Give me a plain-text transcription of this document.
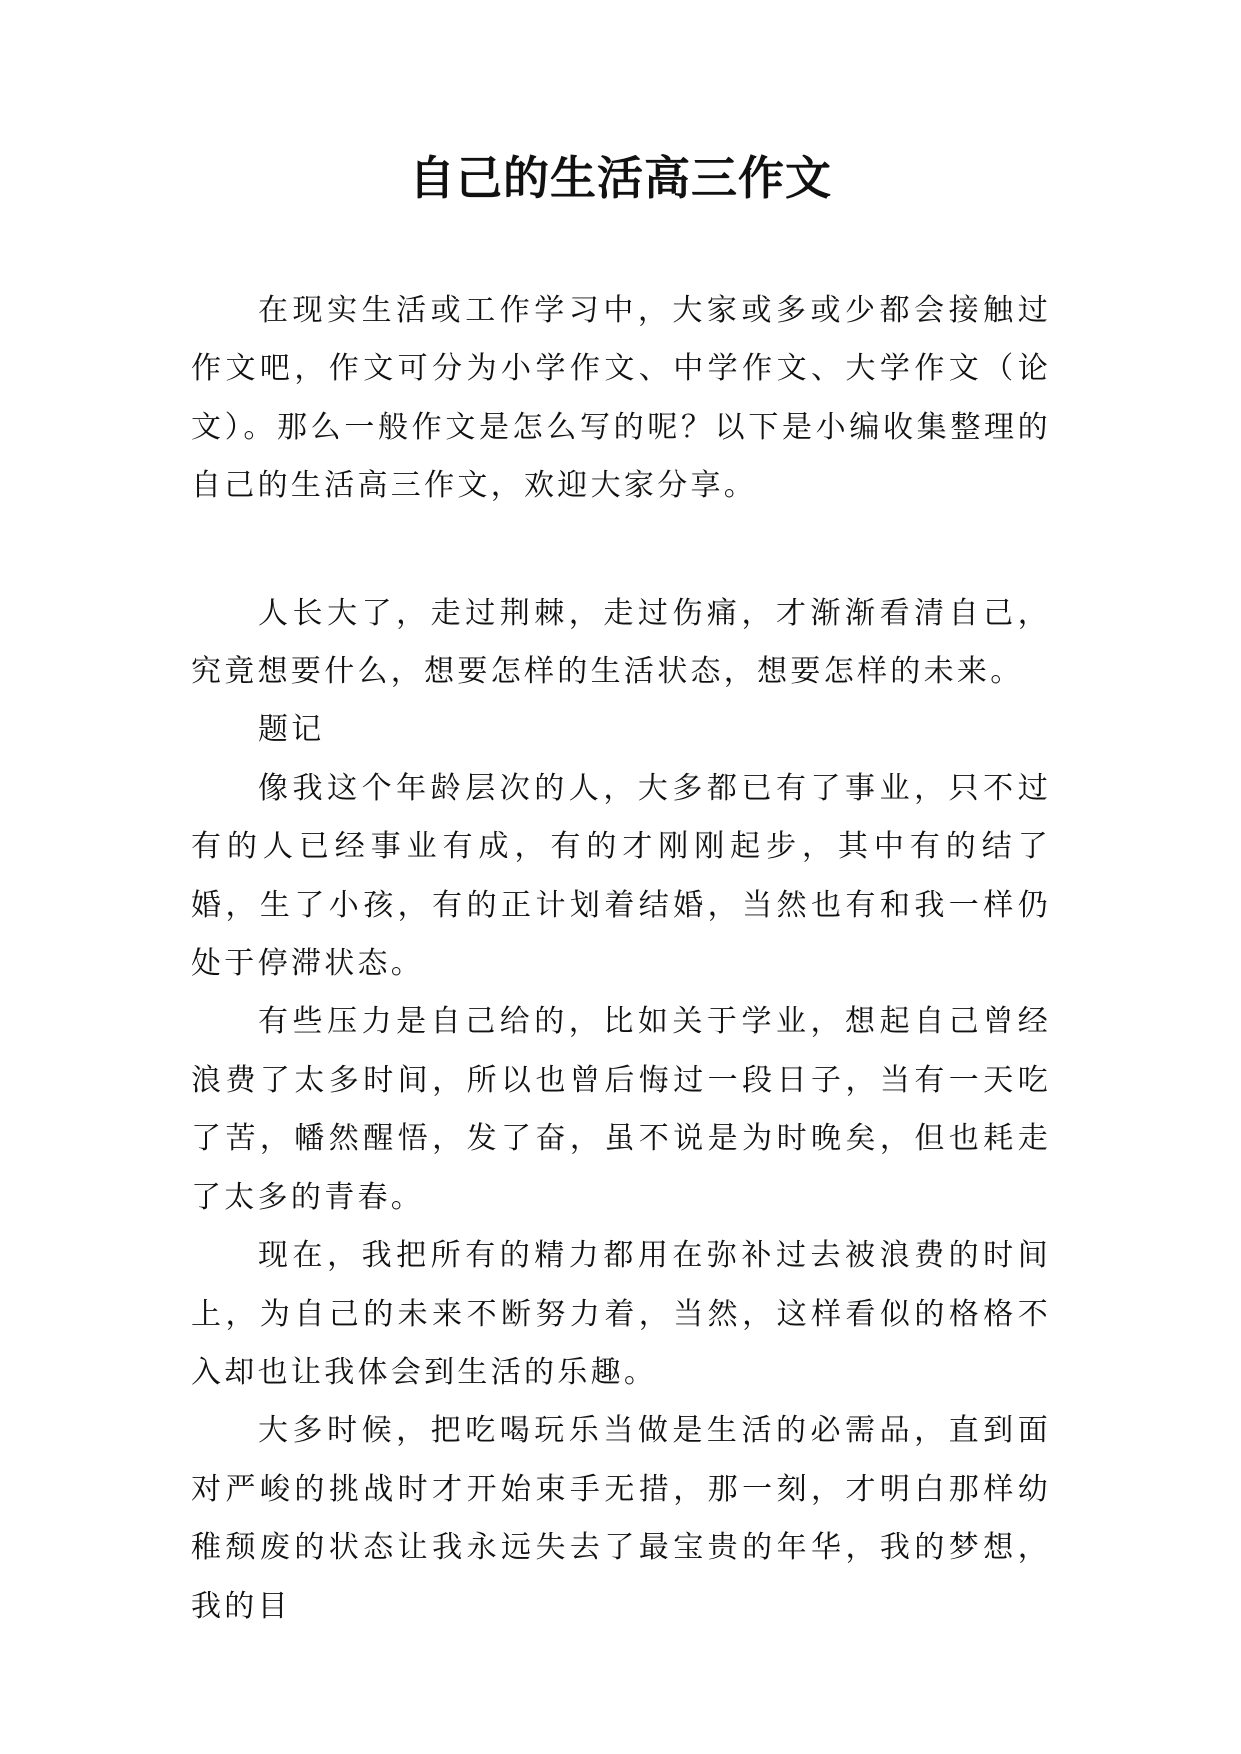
自己的生活高三作文

在现实生活或工作学习中，大家或多或少都会接触过作文吧，作文可分为小学作文、中学作文、大学作文（论文）。那么一般作文是怎么写的呢？以下是小编收集整理的自己的生活高三作文，欢迎大家分享。

人长大了，走过荆棘，走过伤痛，才渐渐看清自己，究竟想要什么，想要怎样的生活状态，想要怎样的未来。

题记

像我这个年龄层次的人，大多都已有了事业，只不过有的人已经事业有成，有的才刚刚起步，其中有的结了婚，生了小孩，有的正计划着结婚，当然也有和我一样仍处于停滞状态。

有些压力是自己给的，比如关于学业，想起自己曾经浪费了太多时间，所以也曾后悔过一段日子，当有一天吃了苦，幡然醒悟，发了奋，虽不说是为时晚矣，但也耗走了太多的青春。

现在，我把所有的精力都用在弥补过去被浪费的时间上，为自己的未来不断努力着，当然，这样看似的格格不入却也让我体会到生活的乐趣。

大多时候，把吃喝玩乐当做是生活的必需品，直到面对严峻的挑战时才开始束手无措，那一刻，才明白那样幼稚颓废的状态让我永远失去了最宝贵的年华，我的梦想，我的目
